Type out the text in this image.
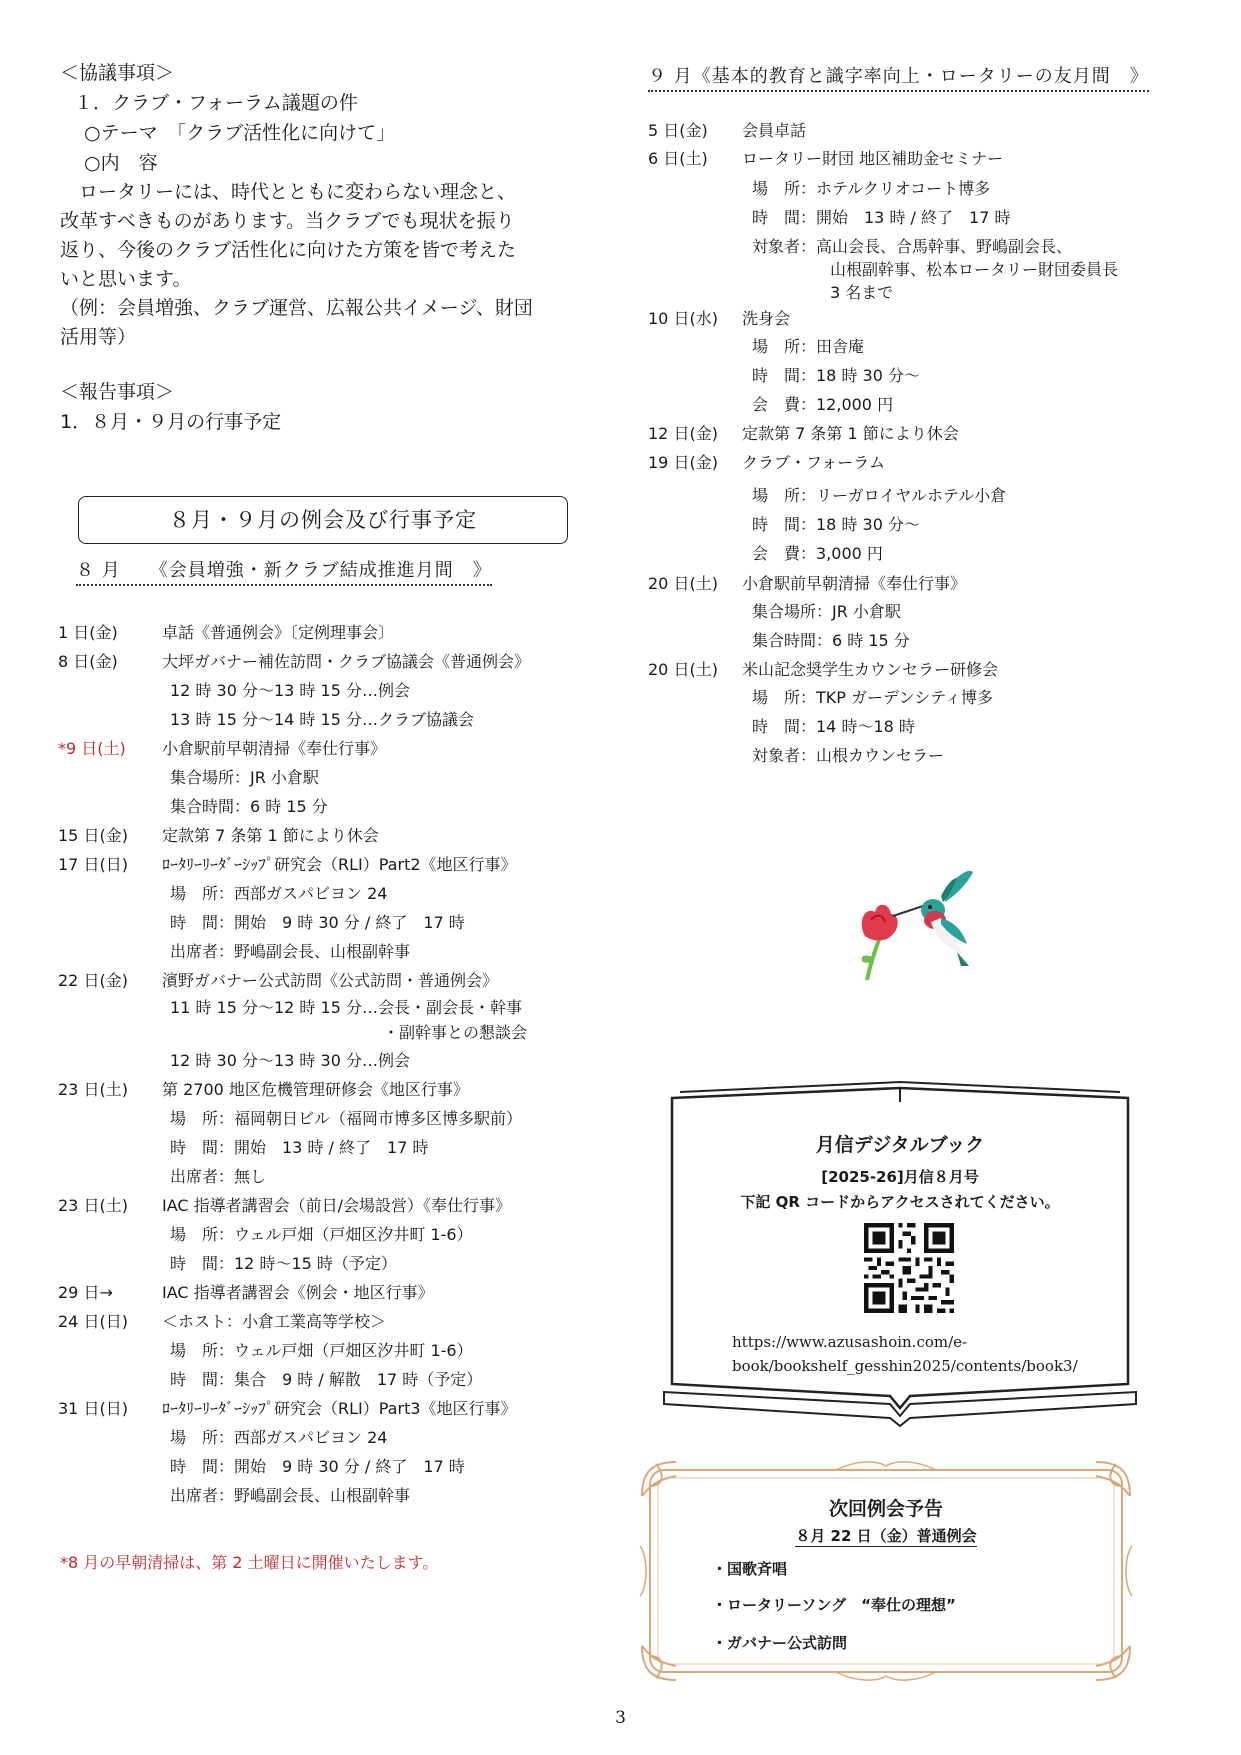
＜協議事項＞
１．クラブ・フォーラム議題の件
○テーマ　「クラブ活性化に向けて」
○内　容
　ロータリーには、時代とともに変わらない理念と、
改革すべきものがあります。当クラブでも現状を振り
返り、今後のクラブ活性化に向けた方策を皆で考えた
いと思います。
（例：会員増強、クラブ運営、広報公共イメージ、財団
活用等）
＜報告事項＞
1．８月・９月の行事予定
８月・９月の例会及び行事予定
８ 月　　《会員増強・新クラブ結成推進月間　》
1 日(金)	卓話《普通例会》〔定例理事会〕
8 日(金)	大坪ガバナー補佐訪問・クラブ協議会《普通例会》
12 時 30 分～13 時 15 分…例会
13 時 15 分～14 時 15 分…クラブ協議会
*9 日(土) 小倉駅前早朝清掃《奉仕行事》
集合場所：JR 小倉駅
集合時間：6 時 15 分
15 日(金) 定款第 7 条第 1 節により休会
17 日(日) ﾛｰﾀﾘｰﾘｰﾀﾞｰｼｯﾌﾟ研究会（RLI）Part2《地区行事》
場　所：西部ガスパビヨン 24
時　間：開始　9 時 30 分 / 終了　17 時
出席者：野嶋副会長、山根副幹事
22 日(金) 濱野ガバナー公式訪問《公式訪問・普通例会》
11 時 15 分～12 時 15 分…会長・副会長・幹事
・副幹事との懇談会
12 時 30 分～13 時 30 分…例会
23 日(土) 第 2700 地区危機管理研修会《地区行事》
場　所：福岡朝日ビル（福岡市博多区博多駅前）
時　間：開始　13 時 / 終了　17 時
出席者：無し
23 日(土) IAC 指導者講習会（前日/会場設営）《奉仕行事》
場　所：ウェル戸畑（戸畑区汐井町 1-6）
時　間：12 時～15 時（予定）
29 日→	IAC 指導者講習会《例会・地区行事》
24 日(日) ＜ホスト：小倉工業高等学校＞
場　所：ウェル戸畑（戸畑区汐井町 1-6）
時　間：集合　9 時 / 解散　17 時（予定）
31 日(日) ﾛｰﾀﾘｰﾘｰﾀﾞｰｼｯﾌﾟ研究会（RLI）Part3《地区行事》
場　所：西部ガスパビヨン 24
時　間：開始　9 時 30 分 / 終了　17 時
出席者：野嶋副会長、山根副幹事
*8 月の早朝清掃は、第 2 土曜日に開催いたします。
９ 月《基本的教育と識字率向上・ロータリーの友月間　》
5 日(金) 会員卓話
6 日(土) ロータリー財団 地区補助金セミナー
場　所：ホテルクリオコート博多
時　間：開始　13 時 / 終了　17 時
対象者：高山会長、合馬幹事、野嶋副会長、
山根副幹事、松本ロータリー財団委員長
3 名まで
10 日(水) 洗身会
場　所：田舎庵
時　間：18 時 30 分～
会　費：12,000 円
12 日(金) 定款第 7 条第 1 節により休会
19 日(金) クラブ・フォーラム
場　所：リーガロイヤルホテル小倉
時　間：18 時 30 分～
会　費：3,000 円
20 日(土) 小倉駅前早朝清掃《奉仕行事》
集合場所：JR 小倉駅
集合時間：6 時 15 分
20 日(土) 米山記念奨学生カウンセラー研修会
場　所：TKP ガーデンシティ博多
時　間：14 時～18 時
対象者：山根カウンセラー
月信デジタルブック
[2025-26]月信８月号
下記 QR コードからアクセスされてください。
https://www.azusashoin.com/e-
book/bookshelf_gesshin2025/contents/book3/
次回例会予告
８月 22 日（金）普通例会
・国歌斉唱
・ロータリーソング　“奉仕の理想”
・ガバナー公式訪問
3
